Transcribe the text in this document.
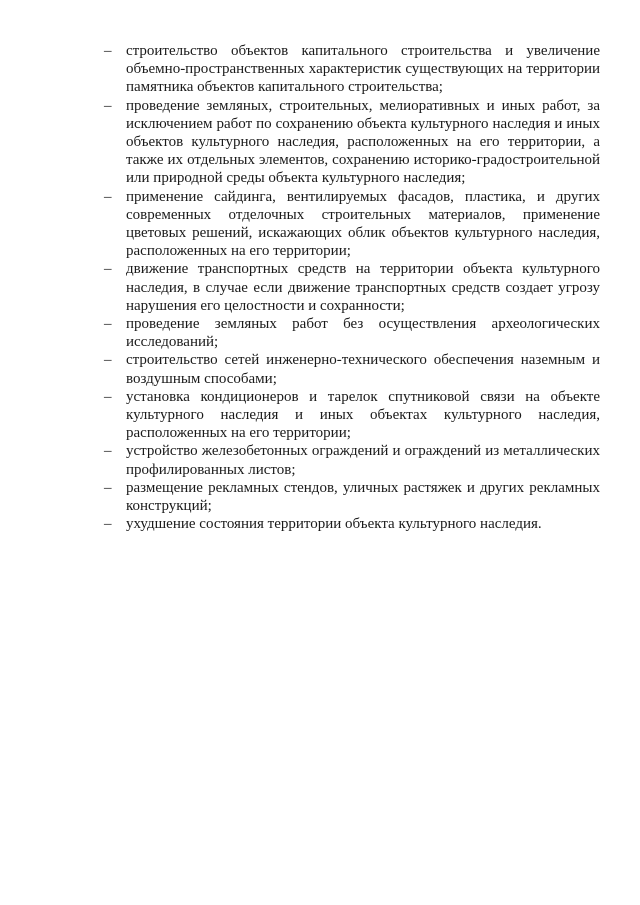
– строительство объектов капитального строительства и увеличение объемно-пространственных характеристик существующих на территории памятника объектов капитального строительства;
– проведение земляных, строительных, мелиоративных и иных работ, за исключением работ по сохранению объекта культурного наследия и иных объектов культурного наследия, расположенных на его территории, а также их отдельных элементов, сохранению историко-градостроительной или природной среды объекта культурного наследия;
– применение сайдинга, вентилируемых фасадов, пластика, и других современных отделочных строительных материалов, применение цветовых решений, искажающих облик объектов культурного наследия, расположенных на его территории;
– движение транспортных средств на территории объекта культурного наследия, в случае если движение транспортных средств создает угрозу нарушения его целостности и сохранности;
– проведение земляных работ без осуществления археологических исследований;
– строительство сетей инженерно-технического обеспечения наземным и воздушным способами;
– установка кондиционеров и тарелок спутниковой связи на объекте культурного наследия и иных объектах культурного наследия, расположенных на его территории;
– устройство железобетонных ограждений и ограждений из металлических профилированных листов;
– размещение рекламных стендов, уличных растяжек и других рекламных конструкций;
– ухудшение состояния территории объекта культурного наследия.
